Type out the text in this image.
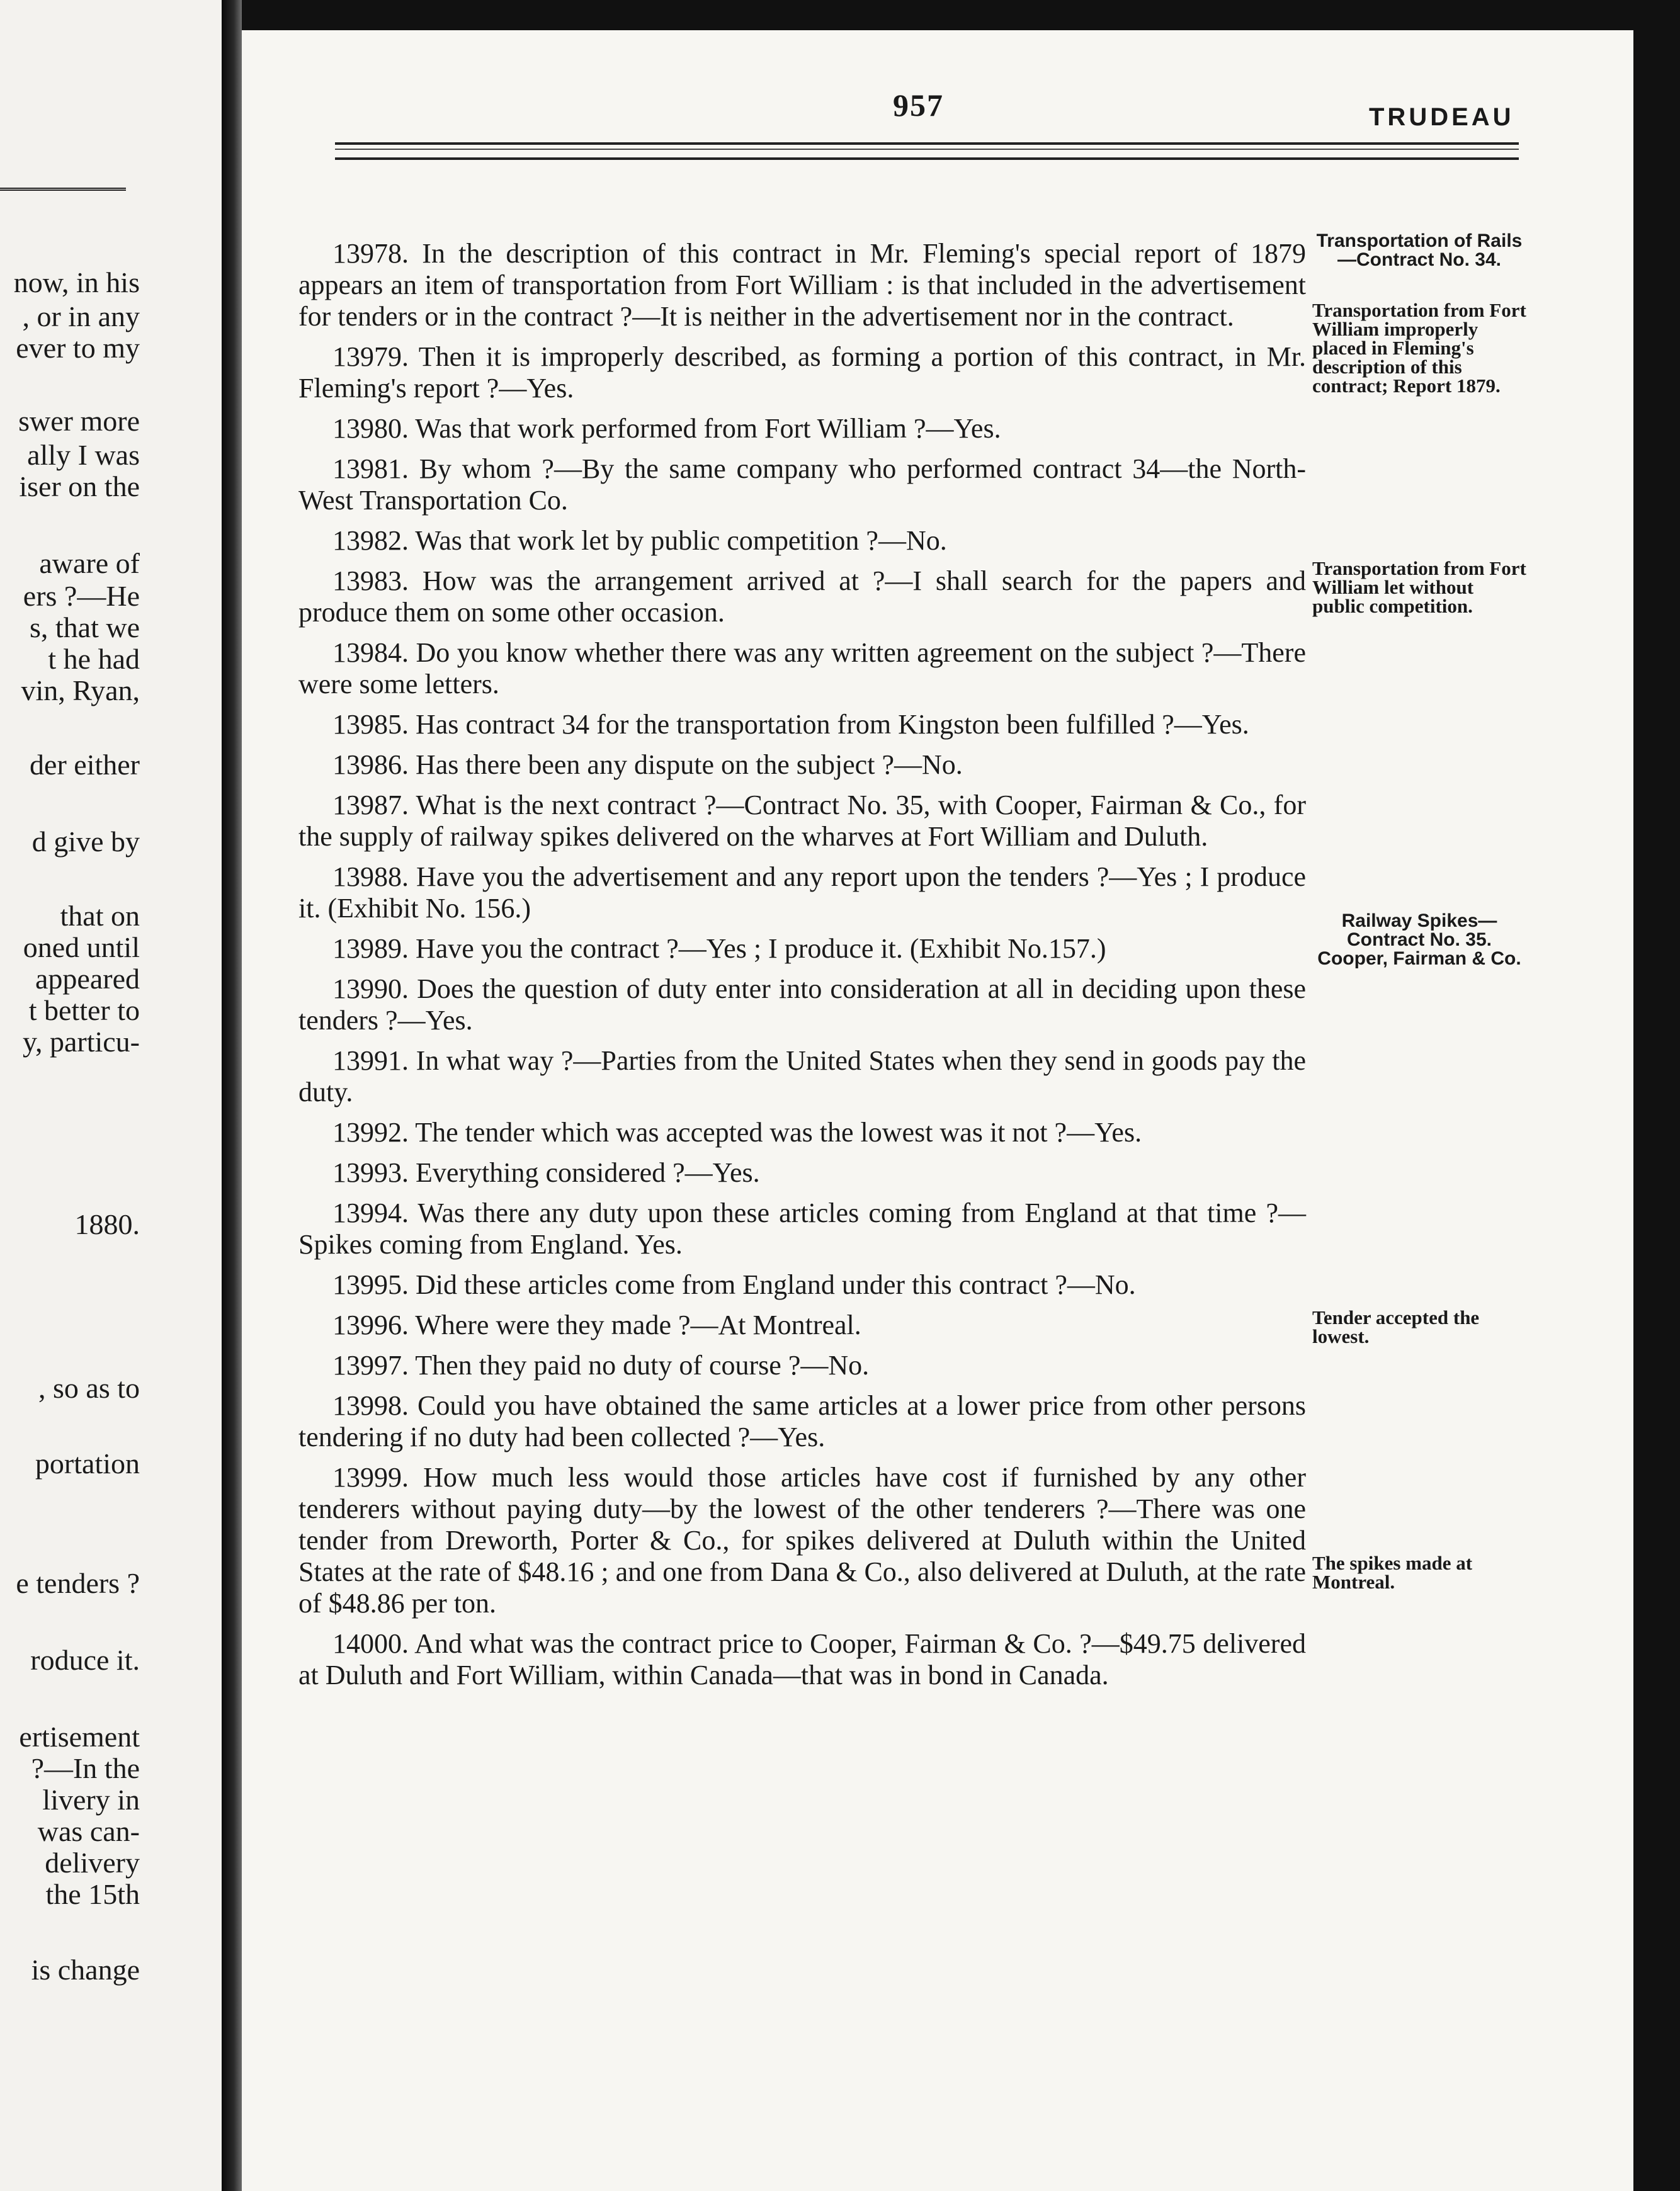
now, in his
, or in any
ever to my
swer more
ally I was
iser on the
aware of
ers ?—He
s, that we
t he had
vin, Ryan,
der either
d give by
that on
oned until
appeared
t better to
y, particu-
1880.
, so as to
portation
e tenders ?
roduce it.
ertisement
?—In the
livery in
was can-
delivery
the 15th
is change
957	TRUDEAU

13978. In the description of this contract in Mr. Fleming's special report of 1879 appears an item of transportation from Fort William : is that included in the advertisement for tenders or in the contract ?—It is neither in the advertisement nor in the contract.

13979. Then it is improperly described, as forming a portion of this contract, in Mr. Fleming's report ?—Yes.

13980. Was that work performed from Fort William ?—Yes.

13981. By whom ?—By the same company who performed contract 34—the North-West Transportation Co.

13982. Was that work let by public competition ?—No.

13983. How was the arrangement arrived at ?—I shall search for the papers and produce them on some other occasion.

13984. Do you know whether there was any written agreement on the subject ?—There were some letters.

13985. Has contract 34 for the transportation from Kingston been fulfilled ?—Yes.

13986. Has there been any dispute on the subject ?—No.

13987. What is the next contract ?—Contract No. 35, with Cooper, Fairman & Co., for the supply of railway spikes delivered on the wharves at Fort William and Duluth.

13988. Have you the advertisement and any report upon the tenders ?—Yes ; I produce it. (Exhibit No. 156.)

13989. Have you the contract ?—Yes ; I produce it. (Exhibit No.157.)

13990. Does the question of duty enter into consideration at all in deciding upon these tenders ?—Yes.

13991. In what way ?—Parties from the United States when they send in goods pay the duty.

13992. The tender which was accepted was the lowest was it not ?—Yes.

13993. Everything considered ?—Yes.

13994. Was there any duty upon these articles coming from England at that time ?—Spikes coming from England. Yes.

13995. Did these articles come from England under this contract ?—No.

13996. Where were they made ?—At Montreal.

13997. Then they paid no duty of course ?—No.

13998. Could you have obtained the same articles at a lower price from other persons tendering if no duty had been collected ?—Yes.

13999. How much less would those articles have cost if furnished by any other tenderers without paying duty—by the lowest of the other tenderers ?—There was one tender from Dreworth, Porter & Co., for spikes delivered at Duluth within the United States at the rate of $48.16 ; and one from Dana & Co., also delivered at Duluth, at the rate of $48.86 per ton.

14000. And what was the contract price to Cooper, Fairman & Co. ?—$49.75 delivered at Duluth and Fort William, within Canada—that was in bond in Canada.

Transportation of Rails—Contract No. 34.
Transportation from Fort William improperly placed in Fleming's description of this contract; Report 1879.
Transportation from Fort William let without public competition.
Railway Spikes—Contract No. 35. Cooper, Fairman & Co.
Tender accepted the lowest.
The spikes made at Montreal.
